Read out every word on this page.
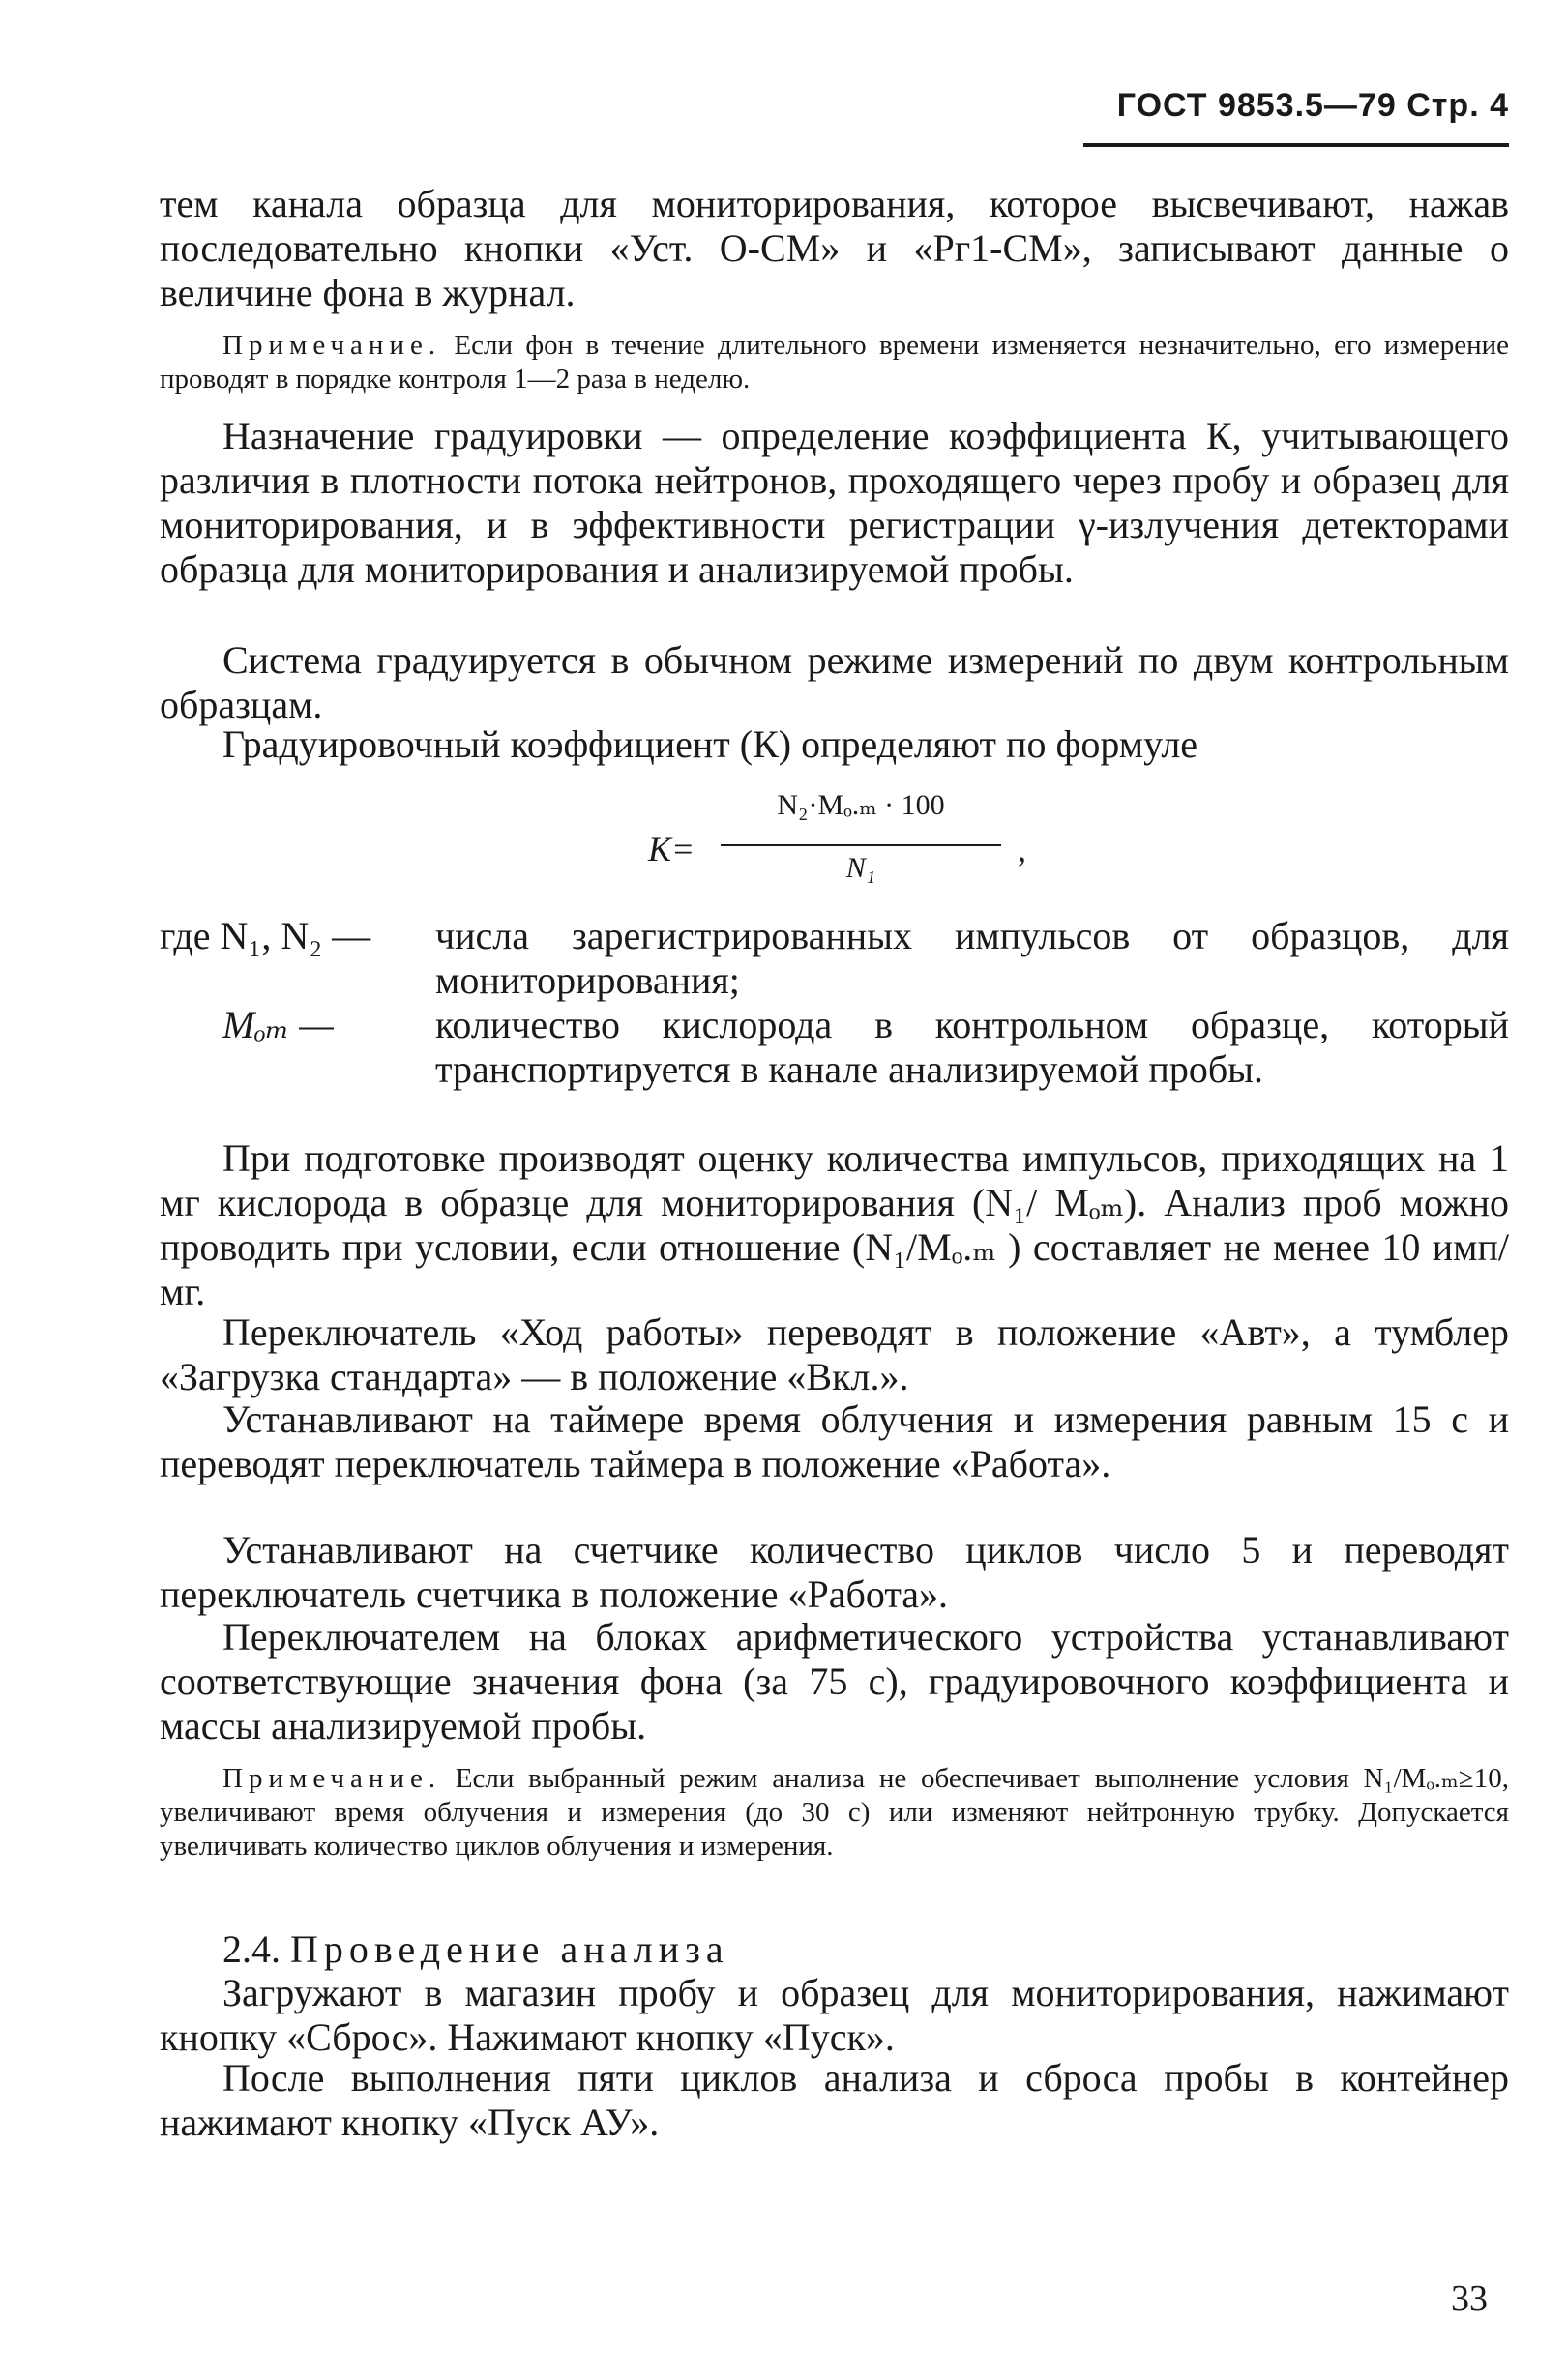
ГОСТ 9853.5—79 Стр. 4

тем канала образца для мониторирования, которое высвечивают, нажав последовательно кнопки «Уст. О-СМ» и «Рг1-СМ», записывают данные о величине фона в журнал.

Примечание. Если фон в течение длительного времени изменяется незначительно, его измерение проводят в порядке контроля 1—2 раза в неделю.

Назначение градуировки — определение коэффициента К, учитывающего различия в плотности потока нейтронов, проходящего через пробу и образец для мониторирования, и в эффективности регистрации γ-излучения детекторами образца для мониторирования и анализируемой пробы.

Система градуируется в обычном режиме измерений по двум контрольным образцам.

Градуировочный коэффициент (К) определяют по формуле

К=
N₂·Mₒ.ₘ · 100
N₁	,
где N₁, N₂ — числа зарегистрированных импульсов от образцов, для мониторирования;
Mₒₘ —	количество кислорода в контрольном образце, который транспортируется в канале анализируемой пробы.

При подготовке производят оценку количества импульсов, приходящих на 1 мг кислорода в образце для мониторирования (N₁/ Mₒₘ). Анализ проб можно проводить при условии, если отношение (N₁/Mₒ.ₘ ) составляет не менее 10 имп/мг.

Переключатель «Ход работы» переводят в положение «Авт», а тумблер «Загрузка стандарта» — в положение «Вкл.».

Устанавливают на таймере время облучения и измерения равным 15 с и переводят переключатель таймера в положение «Работа».

Устанавливают на счетчике количество циклов число 5 и переводят переключатель счетчика в положение «Работа».

Переключателем на блоках арифметического устройства устанавливают соответствующие значения фона (за 75 с), градуировочного коэффициента и массы анализируемой пробы.

Примечание. Если выбранный режим анализа не обеспечивает выполнение условия N₁/Mₒ.ₘ≥10, увеличивают время облучения и измерения (до 30 с) или изменяют нейтронную трубку. Допускается увеличивать количество циклов облучения и измерения.

2.4. Проведение анализа

Загружают в магазин пробу и образец для мониторирования, нажимают кнопку «Сброс». Нажимают кнопку «Пуск».

После выполнения пяти циклов анализа и сброса пробы в контейнер нажимают кнопку «Пуск АУ».

33
